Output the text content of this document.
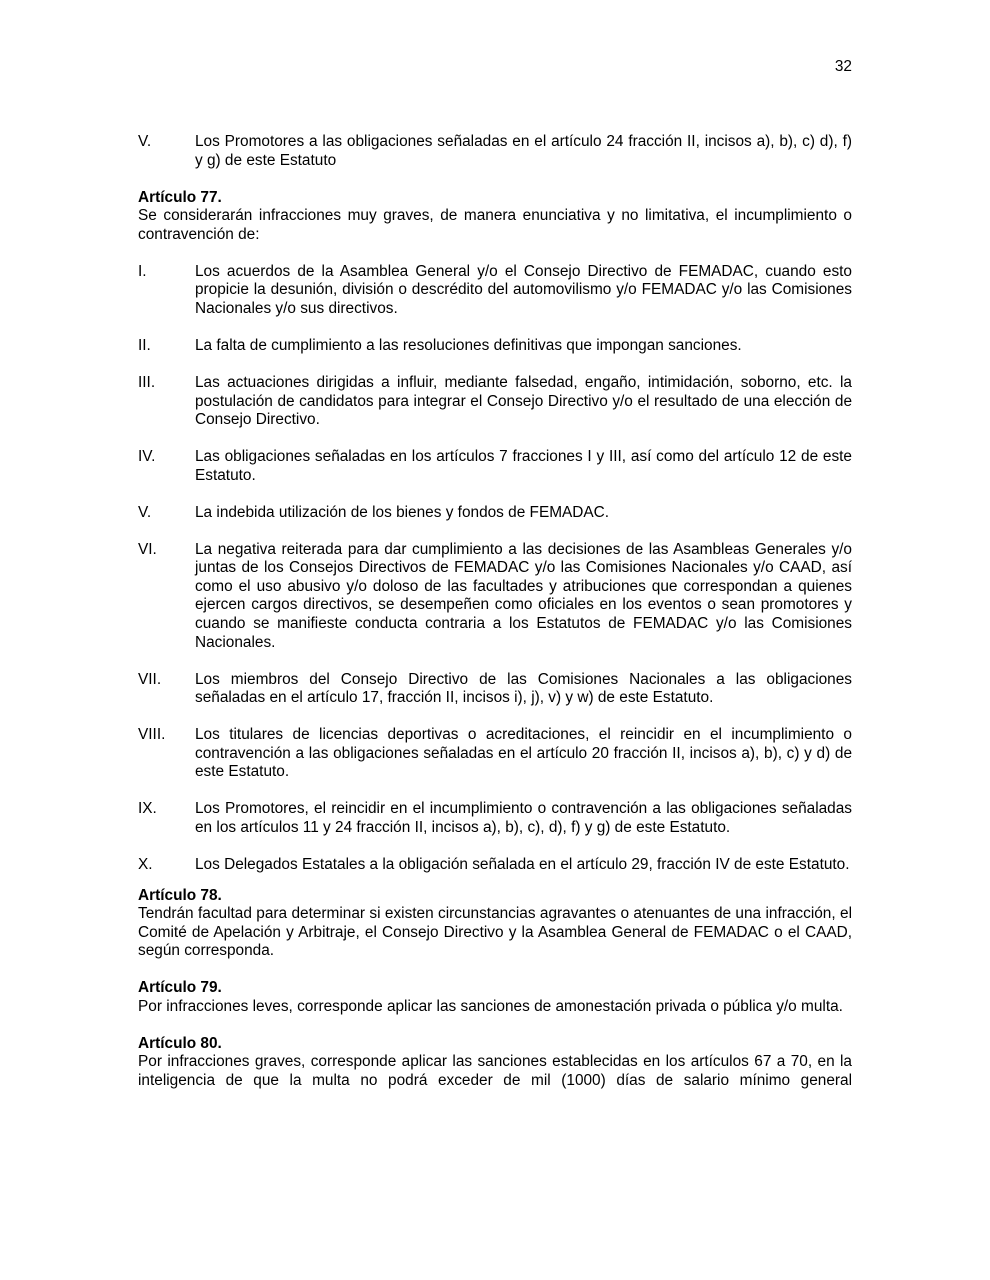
32
V.	Los Promotores a las obligaciones señaladas en el artículo 24 fracción II, incisos a), b), c) d), f) y g) de este Estatuto
Artículo 77.
Se considerarán infracciones muy graves, de manera enunciativa y no limitativa, el incumplimiento o contravención de:
I.	Los acuerdos de la Asamblea General y/o el Consejo Directivo de FEMADAC, cuando esto propicie la desunión, división o descrédito del automovilismo y/o FEMADAC y/o las Comisiones Nacionales y/o sus directivos.
II.	La falta de cumplimiento a las resoluciones definitivas que impongan sanciones.
III.	Las actuaciones dirigidas a influir, mediante falsedad, engaño, intimidación, soborno, etc. la postulación de candidatos para integrar el Consejo Directivo y/o el resultado de una elección de Consejo Directivo.
IV.	Las obligaciones señaladas en los artículos 7 fracciones I y III, así como del artículo 12 de este Estatuto.
V.	La indebida utilización de los bienes y fondos de FEMADAC.
VI.	La negativa reiterada para dar cumplimiento a las decisiones de las Asambleas Generales y/o juntas de los Consejos Directivos de FEMADAC y/o las Comisiones Nacionales y/o CAAD, así como el uso abusivo y/o doloso de las facultades y atribuciones que correspondan a quienes ejercen cargos directivos, se desempeñen como oficiales en los eventos o sean promotores y cuando se manifieste conducta contraria a los Estatutos de FEMADAC y/o las Comisiones Nacionales.
VII.	Los miembros del Consejo Directivo de las Comisiones Nacionales a las obligaciones señaladas en el artículo 17, fracción II, incisos i), j), v) y w) de este Estatuto.
VIII.	Los titulares de licencias deportivas o acreditaciones, el reincidir en el incumplimiento o contravención a las obligaciones señaladas en el artículo 20 fracción II, incisos a), b), c) y d) de este Estatuto.
IX.	Los Promotores, el reincidir en el incumplimiento o contravención a las obligaciones señaladas en los artículos 11 y 24 fracción II, incisos a), b), c), d), f) y g) de este Estatuto.
X.	Los Delegados Estatales a la obligación señalada en el artículo 29, fracción IV de este Estatuto.
Artículo 78.
Tendrán facultad para determinar si existen circunstancias agravantes o atenuantes de una infracción, el Comité de Apelación y Arbitraje, el Consejo Directivo y la Asamblea General de FEMADAC o el CAAD, según corresponda.
Artículo 79.
Por infracciones leves, corresponde aplicar las sanciones de amonestación privada o pública y/o multa.
Artículo 80.
Por infracciones graves, corresponde aplicar las sanciones establecidas en los artículos 67 a 70, en la inteligencia de que la multa no podrá exceder de mil (1000) días de salario mínimo general
